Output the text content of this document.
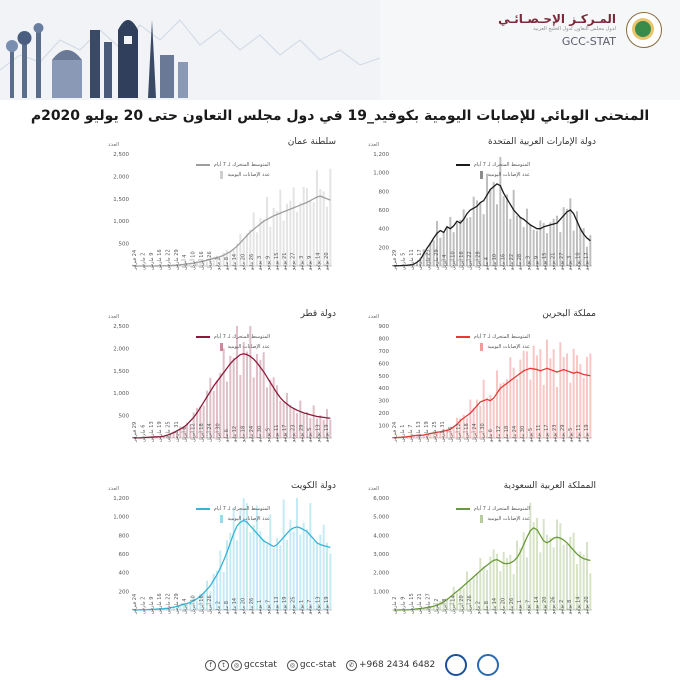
المـركـز الإحـصـائـي
لدول مجلس التعاون لدول الخليج العربية
GCC-STAT
المنحنى الوبائي للإصابات اليومية بكوفيد_19 في دول مجلس التعاون حتى 20 يوليو 2020م
دولة الإمارات العربية المتحدة
العدد
200
400
600
800
1,000
1,200
29 فبراير
5 مارس
11 مارس
17 مارس
23 مارس
29 مارس
4 أبريل
10 أبريل
16 أبريل
22 أبريل
28 أبريل
4 مايو
10 مايو
16 مايو
22 مايو
28 مايو
3 يونيو
9 يونيو
15 يونيو
21 يونيو
27 يونيو
3 يوليو
10 يوليو
17 يوليو
المتوسط المتحرك لـ 7 أيام
عدد الإصابات اليومية
سلطنة عمان
العدد
500
1,000
1,500
2,000
2,500
24 فبراير
2 مارس
9 مارس
16 مارس
22 مارس
29 مارس
4 أبريل
10 أبريل
16 أبريل
26 أبريل
2 مايو
8 مايو
14 مايو
20 مايو
26 مايو
3 يونيو
9 يونيو
15 يونيو
21 يونيو
27 يونيو
3 يوليو
9 يوليو
14 يوليو
20 يوليو
المتوسط المتحرك لـ 7 أيام
عدد الإصابات اليومية
مملكة البحرين
العدد
100
200
300
400
500
600
700
800
900
24 فبراير
1 مارس
7 مارس
13 مارس
19 مارس
25 مارس
31 مارس
6 أبريل
12 أبريل
18 أبريل
24 أبريل
30 أبريل
6 مايو
12 مايو
18 مايو
24 مايو
30 مايو
5 يونيو
11 يونيو
17 يونيو
23 يونيو
29 يونيو
5 يوليو
11 يوليو
19 يوليو
المتوسط المتحرك لـ 7 أيام
عدد الإصابات اليومية
دولة قطر
العدد
500
1,000
1,500
2,000
2,500
29 فبراير
6 مارس
13 مارس
19 مارس
25 مارس
31 مارس
6 أبريل
12 أبريل
18 أبريل
24 أبريل
30 أبريل
6 مايو
12 مايو
18 مايو
24 مايو
30 مايو
5 يونيو
11 يونيو
17 يونيو
23 يونيو
29 يونيو
5 يوليو
13 يوليو
19 يوليو
المتوسط المتحرك لـ 7 أيام
عدد الإصابات اليومية
المملكة العربية السعودية
العدد
1,000
2,000
3,000
4,000
5,000
6,000
2 مارس
9 مارس
15 مارس
21 مارس
27 مارس
2 أبريل
8 أبريل
14 أبريل
20 أبريل
26 أبريل
2 مايو
8 مايو
14 مايو
20 مايو
26 مايو
1 يونيو
7 يونيو
14 يونيو
20 يونيو
26 يونيو
2 يوليو
8 يوليو
14 يوليو
20 يوليو
المتوسط المتحرك لـ 7 أيام
عدد الإصابات اليومية
دولة الكويت
العدد
200
400
600
800
1,000
1,200
24 فبراير
2 مارس
9 مارس
16 مارس
22 مارس
29 مارس
4 أبريل
10 أبريل
16 أبريل
26 أبريل
2 مايو
8 مايو
14 مايو
20 مايو
26 مايو
1 يونيو
7 يونيو
13 يونيو
19 يونيو
25 يونيو
1 يوليو
7 يوليو
13 يوليو
19 يوليو
المتوسط المتحرك لـ 7 أيام
عدد الإصابات اليومية
f t ◎ gccstat	◎ gcc-stat	✆ +968 2434 6482
